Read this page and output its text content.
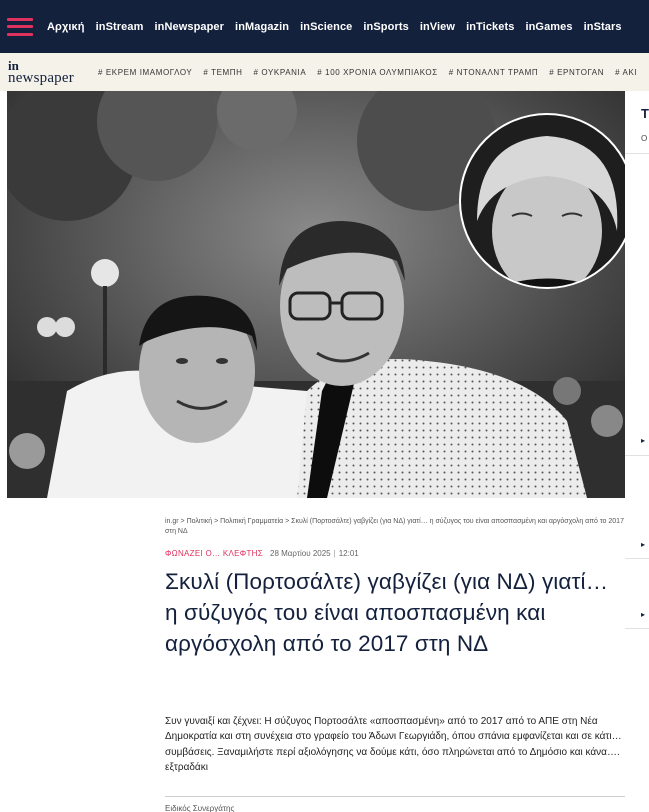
Αρχική inStream inNewspaper inMagazin inScience inSports inView inTickets inGames inStars
in
newspaper	# ΕΚΡΕΜ ΙΜΑΜΟΓΛΟΥ # ΤΕΜΠΗ # ΟΥΚΡΑΝΙΑ # 100 ΧΡΟΝΙΑ ΟΛΥΜΠΙΑΚΟΣ # ΝΤΟΝΑΛΝΤ ΤΡΑΜΠ # ΕΡΝΤΟΓΑΝ # ΑΚΙ
Τ
Ο
▸
▸
▸
in.gr > Πολιτική > Πολιτική Γραμματεία > Σκυλί (Πορτοσάλτε) γαβγίζει (για ΝΔ) γιατί… η σύζυγος του είναι αποσπασμένη και αργόσχολη από το 2017 στη ΝΔ
ΦΩΝΑΖΕΙ Ο… ΚΛΕΦΤΗΣ 28 Μαρτίου 2025 | 12:01
Σκυλί (Πορτοσάλτε) γαβγίζει (για ΝΔ) γιατί… η σύζυγός του είναι αποσπασμένη και αργόσχολη από το 2017 στη ΝΔ

Συν γυναιξί και ζέχνει: Η σύζυγος Πορτοσάλτε «αποσπασμένη» από το 2017 από το ΑΠΕ στη Νέα Δημοκρατία και στη συνέχεια στο γραφείο του Άδωνι Γεωργιάδη, όπου σπάνια εμφανίζεται και σε κάτι… συμβάσεις. Ξαναμιλήστε περί αξιολόγησης να δούμε κάτι, όσο πληρώνεται από το Δημόσιο και κάνα…. εξτραδάκι

Ειδικός Συνεργάτης
